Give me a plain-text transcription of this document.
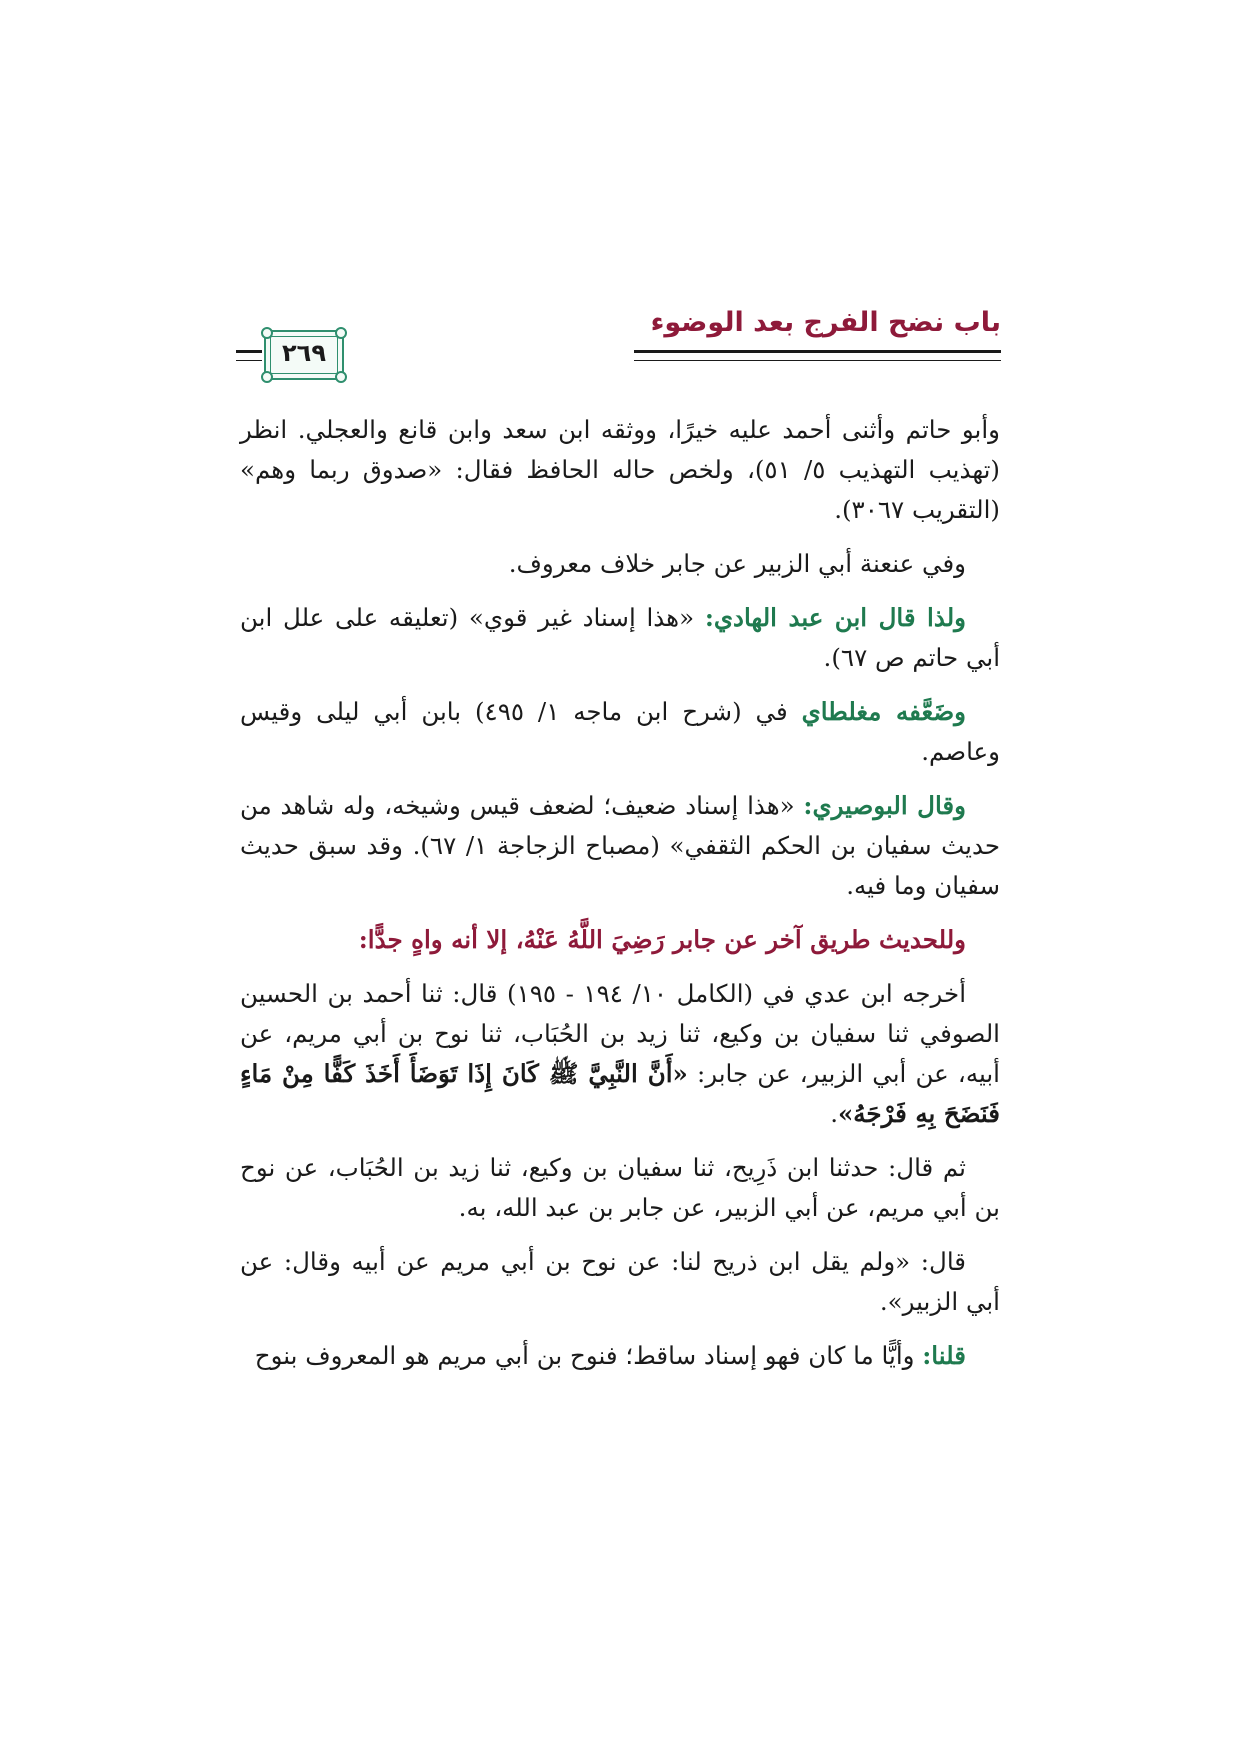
باب نضح الفرج بعد الوضوء
٢٦٩

وأبو حاتم وأثنى أحمد عليه خيرًا، ووثقه ابن سعد وابن قانع والعجلي. انظر (تهذيب التهذيب ٥/ ٥١)، ولخص حاله الحافظ فقال: «صدوق ربما وهم» (التقريب ٣٠٦٧).

وفي عنعنة أبي الزبير عن جابر خلاف معروف.

ولذا قال ابن عبد الهادي: «هذا إسناد غير قوي» (تعليقه على علل ابن أبي حاتم ص ٦٧).

وضَعَّفه مغلطاي في (شرح ابن ماجه ١/ ٤٩٥) بابن أبي ليلى وقيس وعاصم.

وقال البوصيري: «هذا إسناد ضعيف؛ لضعف قيس وشيخه، وله شاهد من حديث سفيان بن الحكم الثقفي» (مصباح الزجاجة ١/ ٦٧). وقد سبق حديث سفيان وما فيه.

وللحديث طريق آخر عن جابر رَضِيَ اللَّهُ عَنْهُ، إلا أنه واهٍ جدًّا:

أخرجه ابن عدي في (الكامل ١٠/ ١٩٤ - ١٩٥) قال: ثنا أحمد بن الحسين الصوفي ثنا سفيان بن وكيع، ثنا زيد بن الحُبَاب، ثنا نوح بن أبي مريم، عن أبيه، عن أبي الزبير، عن جابر: «أَنَّ النَّبِيَّ ﷺ كَانَ إِذَا تَوَضَأَ أَخَذَ كَفًّا مِنْ مَاءٍ فَنَضَحَ بِهِ فَرْجَهُ».

ثم قال: حدثنا ابن ذَرِيح، ثنا سفيان بن وكيع، ثنا زيد بن الحُبَاب، عن نوح بن أبي مريم، عن أبي الزبير، عن جابر بن عبد الله، به.

قال: «ولم يقل ابن ذريح لنا: عن نوح بن أبي مريم عن أبيه وقال: عن أبي الزبير».

قلنا: وأيًّا ما كان فهو إسناد ساقط؛ فنوح بن أبي مريم هو المعروف بنوح
